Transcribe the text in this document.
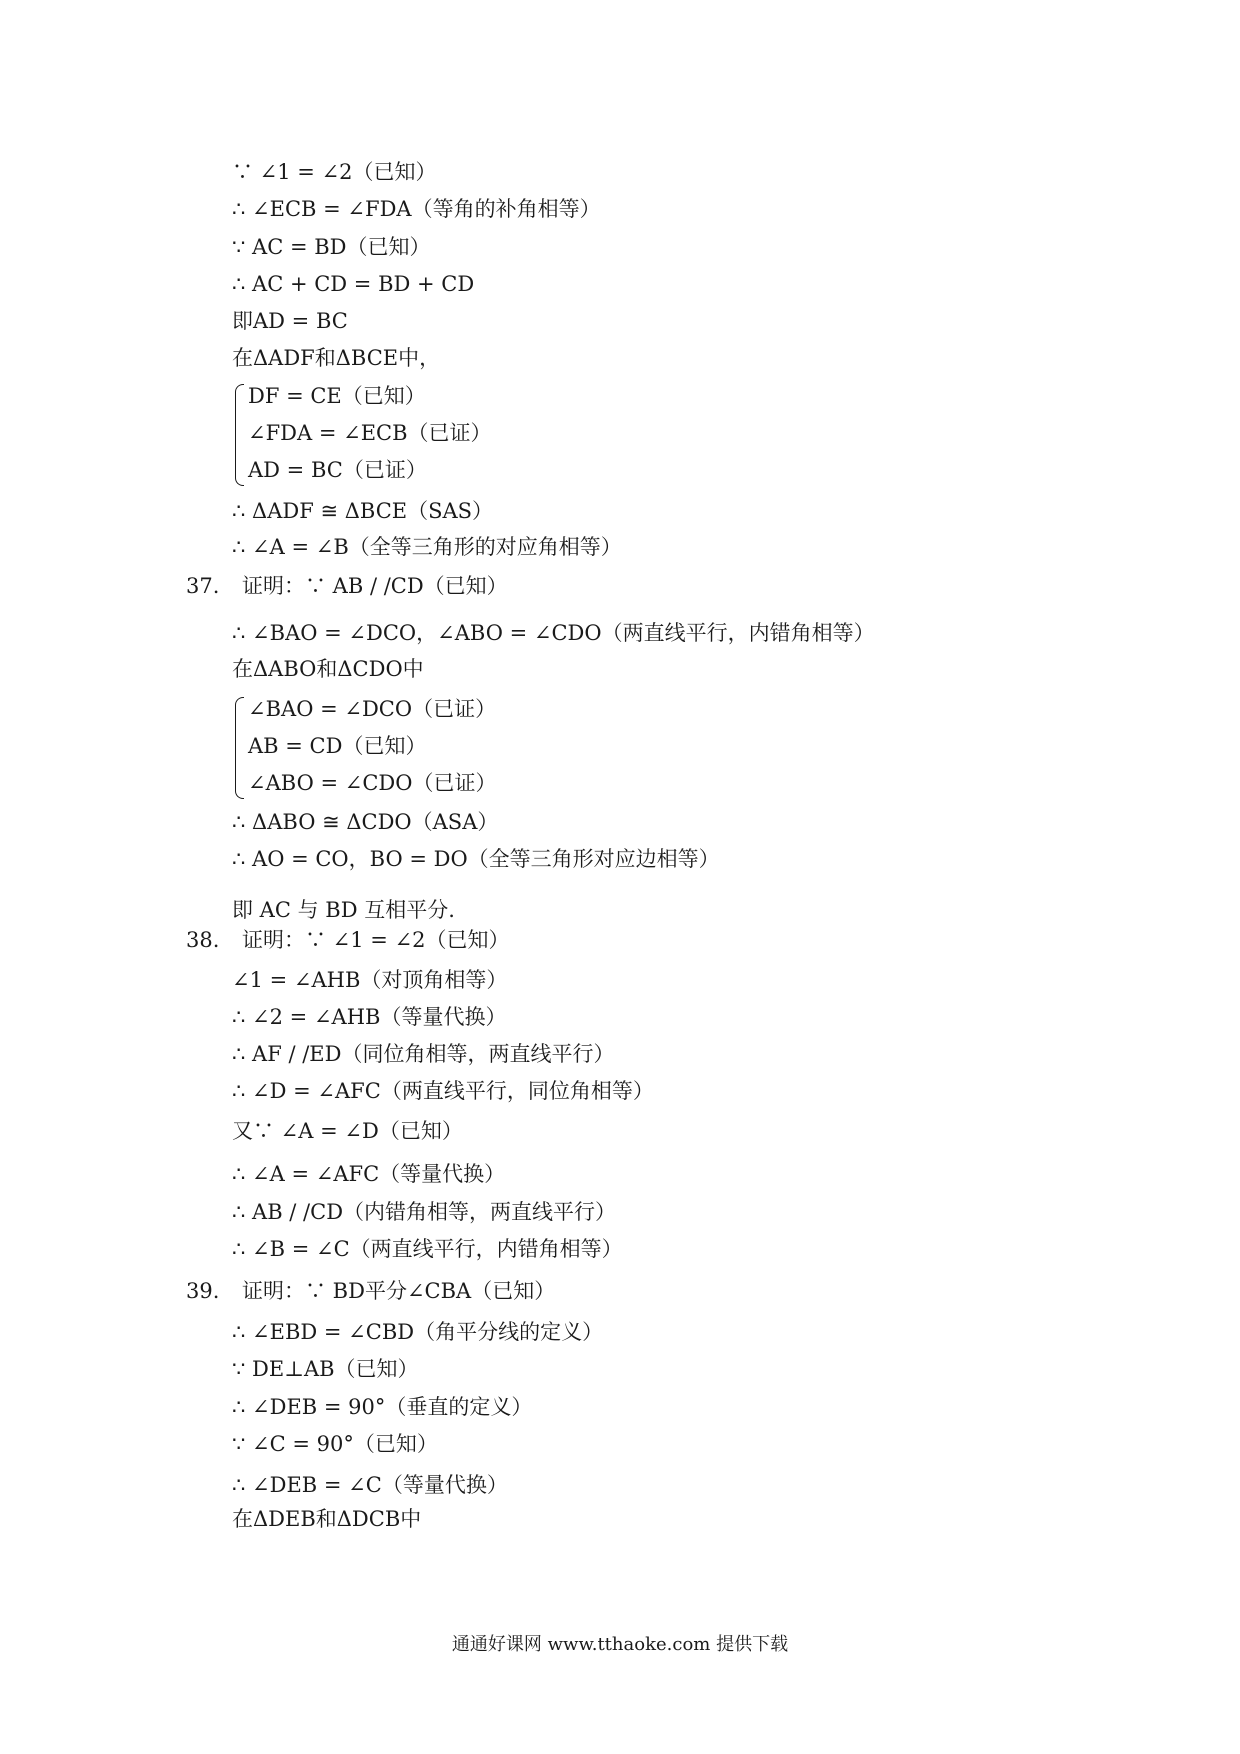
∵ ∠1 = ∠2（已知）
∴ ∠ECB = ∠FDA（等角的补角相等）
∵ AC = BD（已知）
∴ AC + CD = BD + CD
即AD = BC
在ΔADF和ΔBCE中，
DF = CE（已知）
∠FDA = ∠ECB（已证）
AD = BC（已证）
∴ ΔADF ≅ ΔBCE（SAS）
∴ ∠A = ∠B（全等三角形的对应角相等）
37. 证明：∵ AB / /CD（已知）
∴ ∠BAO = ∠DCO，∠ABO = ∠CDO（两直线平行，内错角相等）
在ΔABO和ΔCDO中
∠BAO = ∠DCO（已证）
AB = CD（已知）
∠ABO = ∠CDO（已证）
∴ ΔABO ≅ ΔCDO（ASA）
∴ AO = CO，BO = DO（全等三角形对应边相等）
即 AC 与 BD 互相平分.
38. 证明：∵ ∠1 = ∠2（已知）
∠1 = ∠AHB（对顶角相等）
∴ ∠2 = ∠AHB（等量代换）
∴ AF / /ED（同位角相等，两直线平行）
∴ ∠D = ∠AFC（两直线平行，同位角相等）
又∵ ∠A = ∠D（已知）
∴ ∠A = ∠AFC（等量代换）
∴ AB / /CD（内错角相等，两直线平行）
∴ ∠B = ∠C（两直线平行，内错角相等）
39. 证明：∵ BD平分∠CBA（已知）
∴ ∠EBD = ∠CBD（角平分线的定义）
∵ DE⊥AB（已知）
∴ ∠DEB = 90°（垂直的定义）
∵ ∠C = 90°（已知）
∴ ∠DEB = ∠C（等量代换）
在ΔDEB和ΔDCB中
通通好课网 www.tthaoke.com 提供下载
